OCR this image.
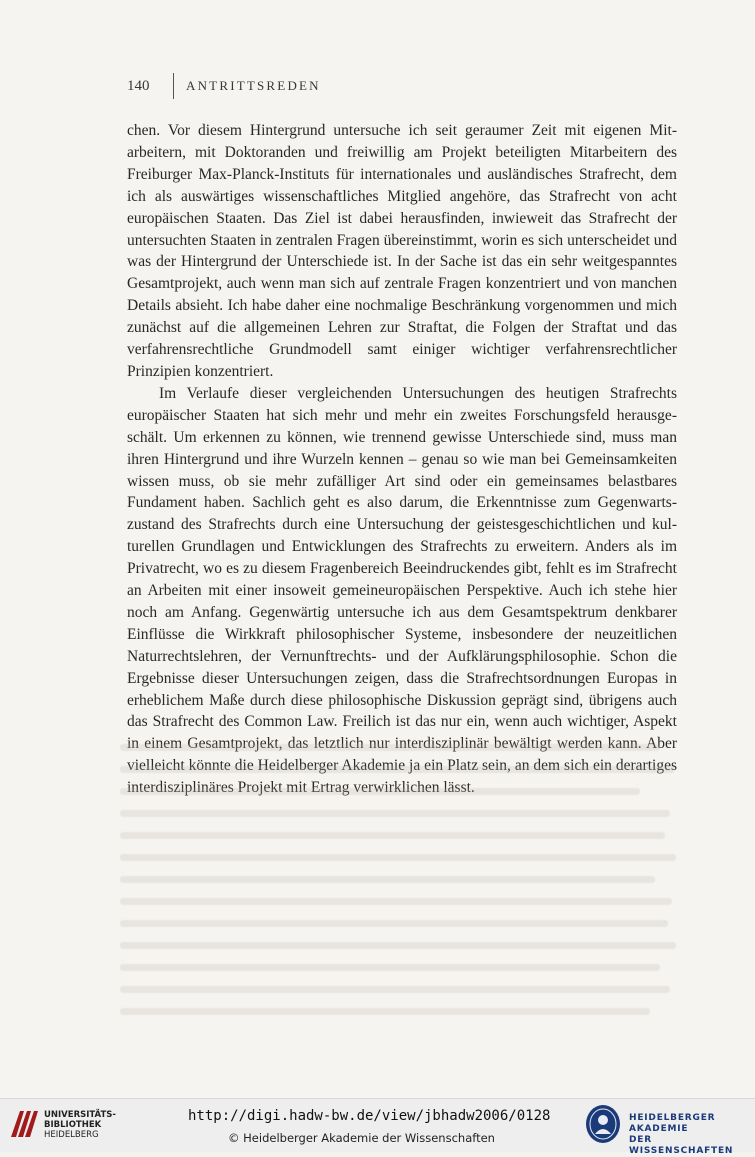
140	ANTRITTSREDEN

chen. Vor diesem Hintergrund untersuche ich seit geraumer Zeit mit eigenen Mitarbeitern, mit Doktoranden und freiwillig am Projekt beteiligten Mitarbeitern des Freiburger Max-Planck-Instituts für internationales und ausländisches Strafrecht, dem ich als auswärtiges wissenschaftliches Mitglied angehöre, das Strafrecht von acht europäischen Staaten. Das Ziel ist dabei herausfinden, inwieweit das Strafrecht der untersuchten Staaten in zentralen Fragen übereinstimmt, worin es sich unterscheidet und was der Hintergrund der Unterschiede ist. In der Sache ist das ein sehr weitgespanntes Gesamtprojekt, auch wenn man sich auf zentrale Fragen konzentriert und von manchen Details absieht. Ich habe daher eine nochmalige Beschränkung vorgenommen und mich zunächst auf die allgemeinen Lehren zur Straftat, die Folgen der Straftat und das verfahrensrechtliche Grundmodell samt einiger wichtiger verfahrensrechtlicher Prinzipien konzentriert.

Im Verlaufe dieser vergleichenden Untersuchungen des heutigen Strafrechts europäischer Staaten hat sich mehr und mehr ein zweites Forschungsfeld herausgeschält. Um erkennen zu können, wie trennend gewisse Unterschiede sind, muss man ihren Hintergrund und ihre Wurzeln kennen – genau so wie man bei Gemeinsamkeiten wissen muss, ob sie mehr zufälliger Art sind oder ein gemeinsames belastbares Fundament haben. Sachlich geht es also darum, die Erkenntnisse zum Gegenwartszustand des Strafrechts durch eine Untersuchung der geistesgeschichtlichen und kulturellen Grundlagen und Entwicklungen des Strafrechts zu erweitern. Anders als im Privatrecht, wo es zu diesem Fragenbereich Beeindruckendes gibt, fehlt es im Strafrecht an Arbeiten mit einer insoweit gemeineuropäischen Perspektive. Auch ich stehe hier noch am Anfang. Gegenwärtig untersuche ich aus dem Gesamtspektrum denkbarer Einflüsse die Wirkkraft philosophischer Systeme, insbesondere der neuzeitlichen Naturrechtslehren, der Vernunftrechts- und der Aufklärungsphilosophie. Schon die Ergebnisse dieser Untersuchungen zeigen, dass die Strafrechtsordnungen Europas in erheblichem Maße durch diese philosophische Diskussion geprägt sind, übrigens auch das Strafrecht des Common Law. Freilich ist das nur ein, wenn auch wichtiger, Aspekt in einem Gesamtprojekt, das letztlich nur interdisziplinär bewältigt werden kann. Aber vielleicht könnte die Heidelberger Akademie ja ein Platz sein, an dem sich ein derartiges interdisziplinäres Projekt mit Ertrag verwirklichen lässt.

UNIVERSITÄTS-
BIBLIOTHEK
HEIDELBERG
http://digi.hadw-bw.de/view/jbhadw2006/0128
© Heidelberger Akademie der Wissenschaften
HEIDELBERGER AKADEMIE
DER WISSENSCHAFTEN
